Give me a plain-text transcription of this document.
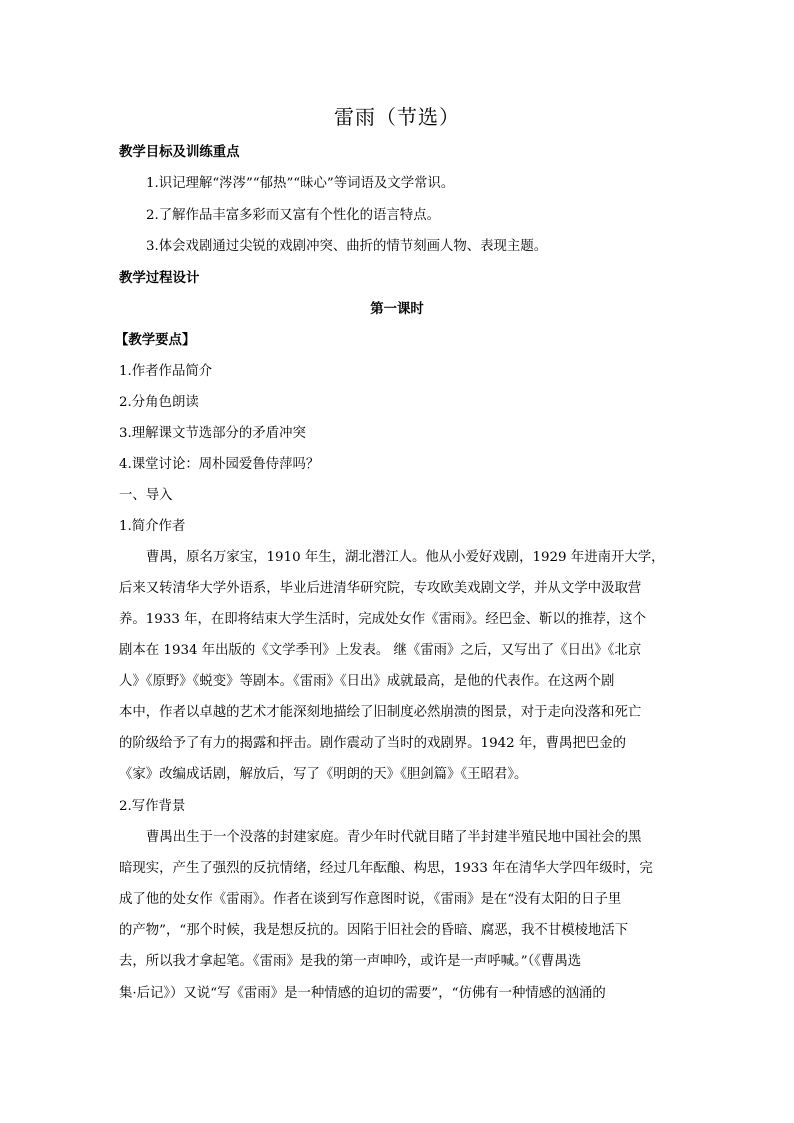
雷雨（节选）
教学目标及训练重点
1.识记理解“涔涔”“郁热”“昧心”等词语及文学常识。
2.了解作品丰富多彩而又富有个性化的语言特点。
3.体会戏剧通过尖锐的戏剧冲突、曲折的情节刻画人物、表现主题。
教学过程设计
第一课时
【教学要点】
1.作者作品简介
2.分角色朗读
3.理解课文节选部分的矛盾冲突
4.课堂讨论：周朴园爱鲁侍萍吗？
一、导入
1.简介作者
曹禺，原名万家宝，1910 年生，湖北潜江人。他从小爱好戏剧，1929 年进南开大学，
后来又转清华大学外语系，毕业后进清华研究院，专攻欧美戏剧文学，并从文学中汲取营
养。1933 年，在即将结束大学生活时，完成处女作《雷雨》。经巴金、靳以的推荐，这个
剧本在 1934 年出版的《文学季刊》上发表。 继《雷雨》之后，又写出了《日出》《北京
人》《原野》《蜕变》等剧本。《雷雨》《日出》成就最高，是他的代表作。在这两个剧
本中，作者以卓越的艺术才能深刻地描绘了旧制度必然崩溃的图景，对于走向没落和死亡
的阶级给予了有力的揭露和抨击。剧作震动了当时的戏剧界。1942 年，曹禺把巴金的
《家》改编成话剧，解放后，写了《明朗的天》《胆剑篇》《王昭君》。
2.写作背景
曹禺出生于一个没落的封建家庭。青少年时代就目睹了半封建半殖民地中国社会的黑
暗现实，产生了强烈的反抗情绪，经过几年酝酿、构思，1933 年在清华大学四年级时，完
成了他的处女作《雷雨》。作者在谈到写作意图时说，《雷雨》是在“没有太阳的日子里
的产物”，“那个时候，我是想反抗的。因陷于旧社会的昏暗、腐恶，我不甘模棱地活下
去，所以我才拿起笔。《雷雨》是我的第一声呻吟，或许是一声呼喊。”（《曹禺选
集·后记》）又说“写《雷雨》是一种情感的迫切的需要”，“仿佛有一种情感的汹涌的
